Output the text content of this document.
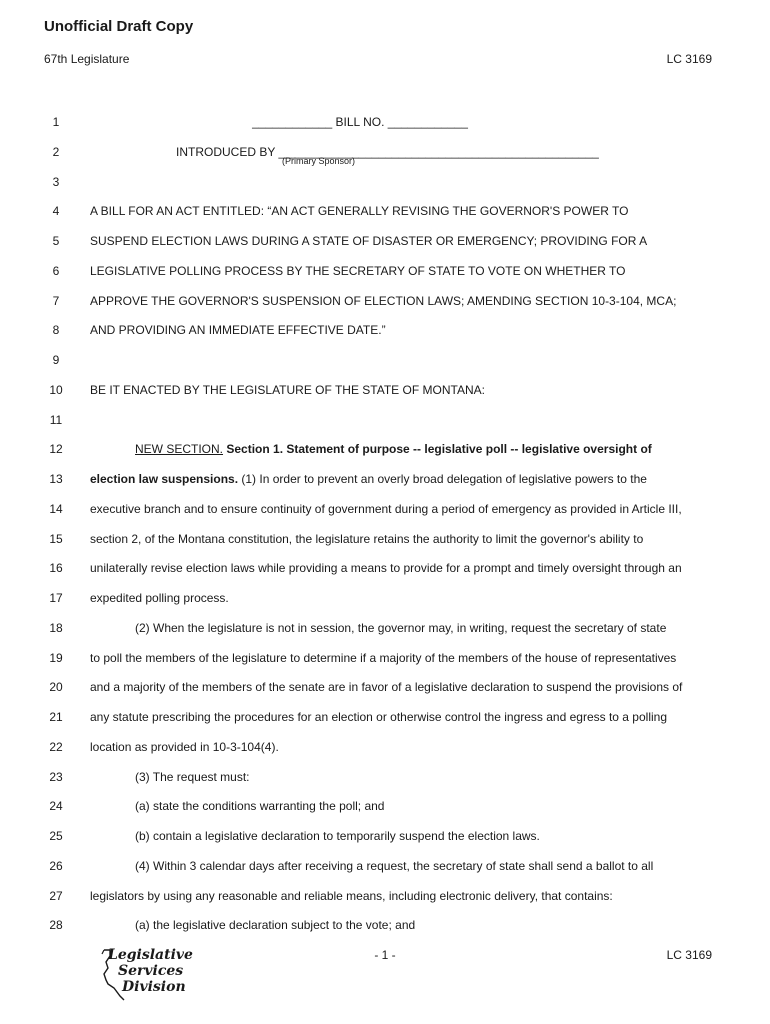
Unofficial Draft Copy
67th Legislature	LC 3169
1	____________ BILL NO. ____________
2	INTRODUCED BY ________________________________________________
3
4	A BILL FOR AN ACT ENTITLED: “AN ACT GENERALLY REVISING THE GOVERNOR'S POWER TO
5	SUSPEND ELECTION LAWS DURING A STATE OF DISASTER OR EMERGENCY; PROVIDING FOR A
6	LEGISLATIVE POLLING PROCESS BY THE SECRETARY OF STATE TO VOTE ON WHETHER TO
7	APPROVE THE GOVERNOR'S SUSPENSION OF ELECTION LAWS; AMENDING SECTION 10-3-104, MCA;
8	AND PROVIDING AN IMMEDIATE EFFECTIVE DATE.”
9
10	BE IT ENACTED BY THE LEGISLATURE OF THE STATE OF MONTANA:
11
12	NEW SECTION. Section 1. Statement of purpose -- legislative poll -- legislative oversight of
13	election law suspensions. (1) In order to prevent an overly broad delegation of legislative powers to the
14	executive branch and to ensure continuity of government during a period of emergency as provided in Article III,
15	section 2, of the Montana constitution, the legislature retains the authority to limit the governor's ability to
16	unilaterally revise election laws while providing a means to provide for a prompt and timely oversight through an
17	expedited polling process.
18	(2) When the legislature is not in session, the governor may, in writing, request the secretary of state
19	to poll the members of the legislature to determine if a majority of the members of the house of representatives
20	and a majority of the members of the senate are in favor of a legislative declaration to suspend the provisions of
21	any statute prescribing the procedures for an election or otherwise control the ingress and egress to a polling
22	location as provided in 10-3-104(4).
23	(3) The request must:
24	(a) state the conditions warranting the poll; and
25	(b) contain a legislative declaration to temporarily suspend the election laws.
26	(4) Within 3 calendar days after receiving a request, the secretary of state shall send a ballot to all
27	legislators by using any reasonable and reliable means, including electronic delivery, that contains:
28	(a) the legislative declaration subject to the vote; and
(Primary Sponsor)
- 1 -	LC 3169
Legislative
Services
Division
